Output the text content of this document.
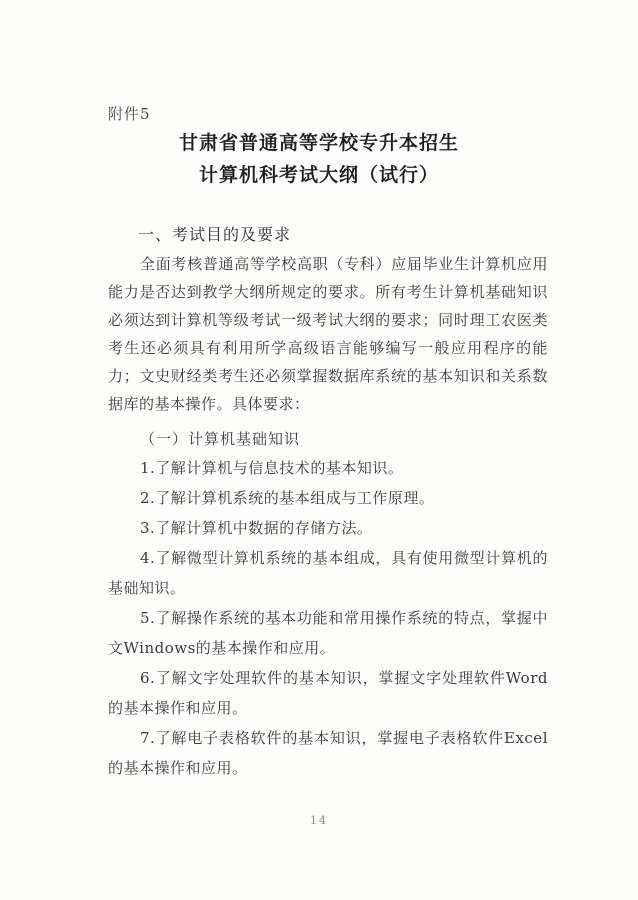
附件5
甘肃省普通高等学校专升本招生
计算机科考试大纲（试行）
一、考试目的及要求
全面考核普通高等学校高职（专科）应届毕业生计算机应用能力是否达到教学大纲所规定的要求。所有考生计算机基础知识必须达到计算机等级考试一级考试大纲的要求；同时理工农医类考生还必须具有利用所学高级语言能够编写一般应用程序的能力；文史财经类考生还必须掌握数据库系统的基本知识和关系数据库的基本操作。具体要求：
（一）计算机基础知识
1.了解计算机与信息技术的基本知识。
2.了解计算机系统的基本组成与工作原理。
3.了解计算机中数据的存储方法。
4.了解微型计算机系统的基本组成，具有使用微型计算机的基础知识。
5.了解操作系统的基本功能和常用操作系统的特点，掌握中文Windows的基本操作和应用。
6.了解文字处理软件的基本知识，掌握文字处理软件Word的基本操作和应用。
7.了解电子表格软件的基本知识，掌握电子表格软件Excel的基本操作和应用。
14
